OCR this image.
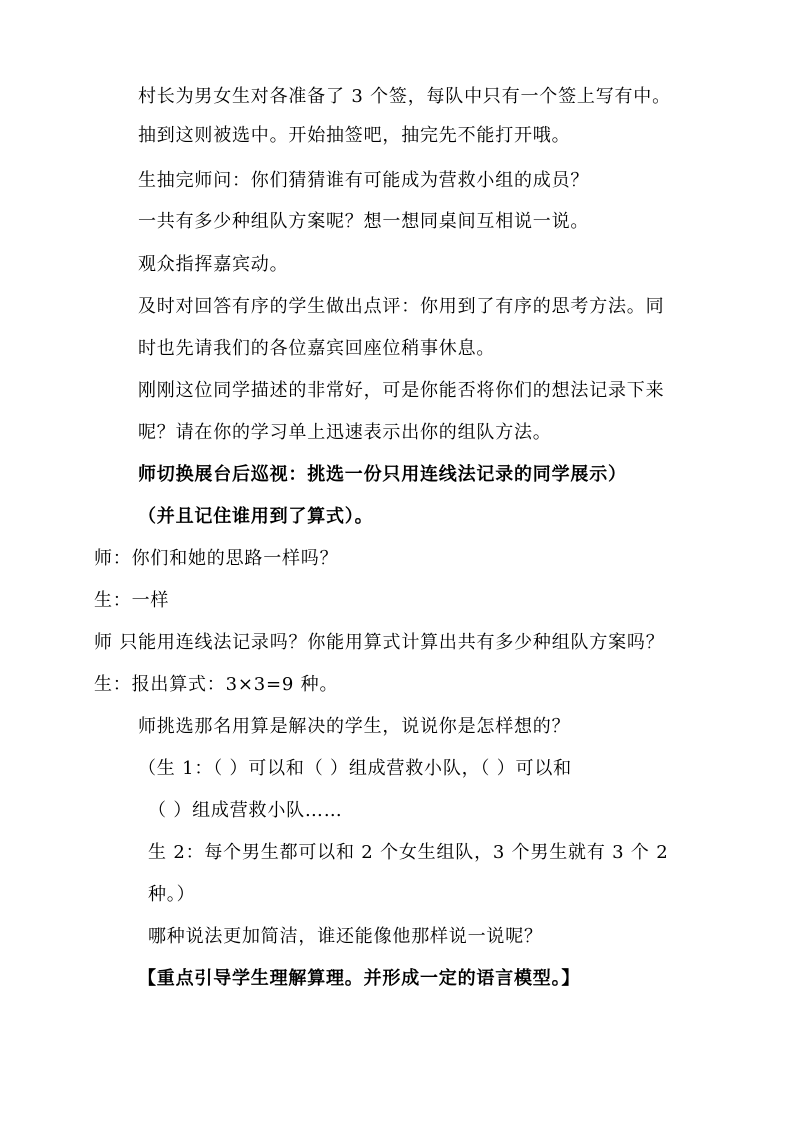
村长为男女生对各准备了 3 个签，每队中只有一个签上写有中。
抽到这则被选中。开始抽签吧，抽完先不能打开哦。
生抽完师问：你们猜猜谁有可能成为营救小组的成员？
一共有多少种组队方案呢？想一想同桌间互相说一说。
观众指挥嘉宾动。
及时对回答有序的学生做出点评：你用到了有序的思考方法。同
时也先请我们的各位嘉宾回座位稍事休息。
刚刚这位同学描述的非常好，可是你能否将你们的想法记录下来
呢？请在你的学习单上迅速表示出你的组队方法。
师切换展台后巡视：挑选一份只用连线法记录的同学展示）
（并且记住谁用到了算式）。
师：你们和她的思路一样吗？
生：一样
师 只能用连线法记录吗？你能用算式计算出共有多少种组队方案吗？
生：报出算式：3×3=9 种。
师挑选那名用算是解决的学生，说说你是怎样想的？
（生 1：（ ）可以和（ ）组成营救小队，（ ）可以和
（ ）组成营救小队……
生 2：每个男生都可以和 2 个女生组队，3 个男生就有 3 个 2
种。）
哪种说法更加简洁，谁还能像他那样说一说呢？
【重点引导学生理解算理。并形成一定的语言模型。】
